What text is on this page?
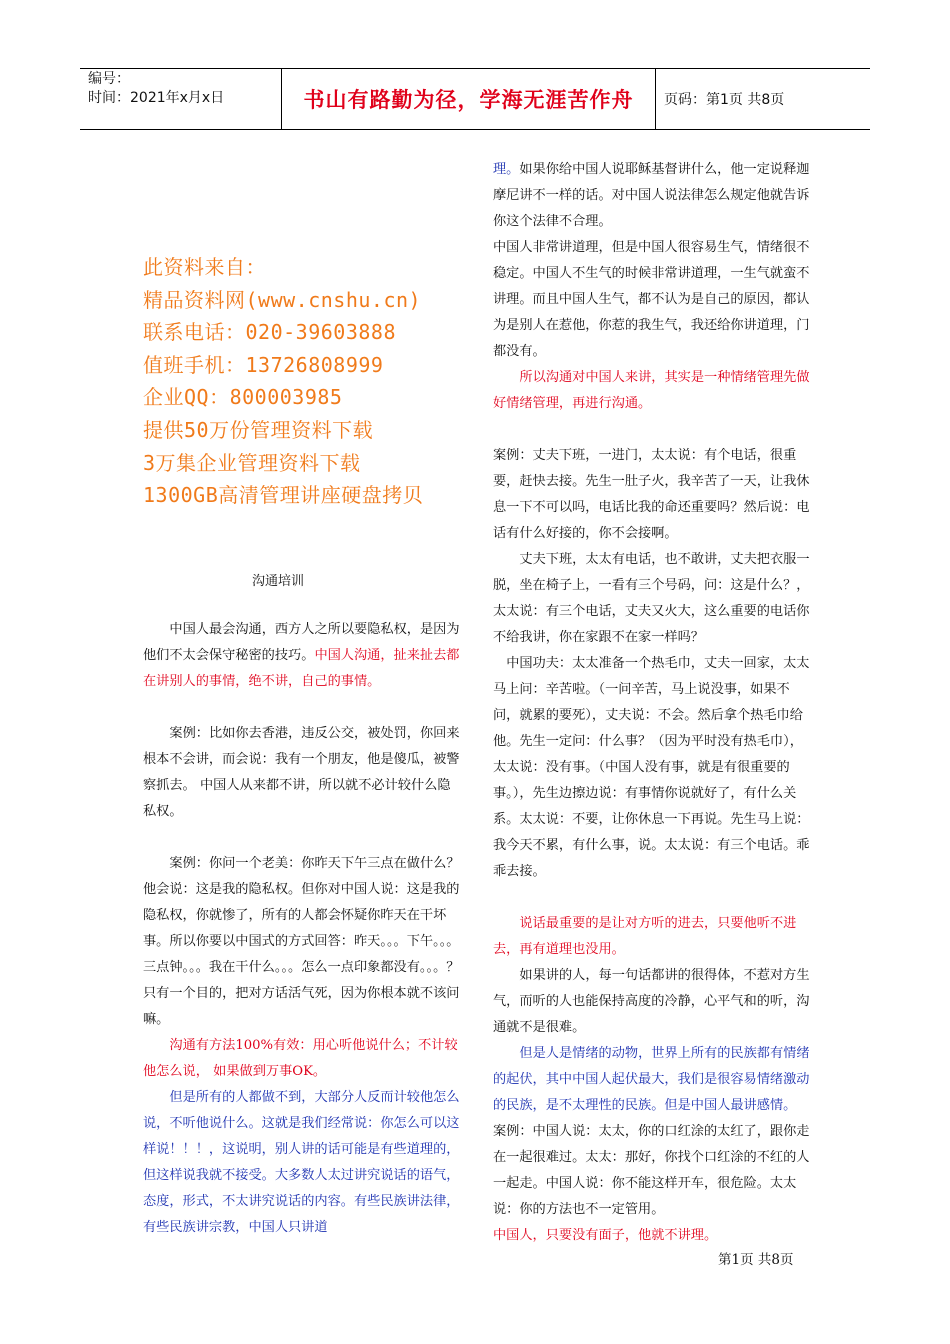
编号：
时间：2021年x月x日	书山有路勤为径，学海无涯苦作舟	页码：第1页 共8页
此资料来自：
精品资料网(www.cnshu.cn)
联系电话：020-39603888
值班手机：13726808999
企业QQ：800003985
提供50万份管理资料下载
3万集企业管理资料下载
1300GB高清管理讲座硬盘拷贝
沟通培训

中国人最会沟通，西方人之所以要隐私权，是因为他们不太会保守秘密的技巧。中国人沟通，扯来扯去都在讲别人的事情，绝不讲，自己的事情。

案例：比如你去香港，违反公交，被处罚，你回来根本不会讲，而会说：我有一个朋友，他是傻瓜，被警察抓去。 中国人从来都不讲，所以就不必计较什么隐私权。

案例：你问一个老美：你昨天下午三点在做什么？他会说：这是我的隐私权。但你对中国人说：这是我的隐私权，你就惨了，所有的人都会怀疑你昨天在干坏事。所以你要以中国式的方式回答：昨天。。。下午。。。三点钟。。。我在干什么。。。怎么一点印象都没有。。。？只有一个目的，把对方话活气死，因为你根本就不该问嘛。

沟通有方法100%有效：用心听他说什么；不计较他怎么说， 如果做到万事OK。

但是所有的人都做不到，大部分人反而计较他怎么说，不听他说什么。这就是我们经常说：你怎么可以这样说！！！，这说明，别人讲的话可能是有些道理的，但这样说我就不接受。大多数人太过讲究说话的语气，态度，形式，不太讲究说话的内容。有些民族讲法律，有些民族讲宗教，中国人只讲道

理。如果你给中国人说耶稣基督讲什么，他一定说释迦摩尼讲不一样的话。对中国人说法律怎么规定他就告诉你这个法律不合理。

中国人非常讲道理，但是中国人很容易生气，情绪很不稳定。中国人不生气的时候非常讲道理，一生气就蛮不讲理。而且中国人生气，都不认为是自己的原因，都认为是别人在惹他，你惹的我生气，我还给你讲道理，门都没有。

所以沟通对中国人来讲，其实是一种情绪管理先做好情绪管理，再进行沟通。

案例：丈夫下班，一进门，太太说：有个电话，很重要，赶快去接。先生一肚子火，我辛苦了一天，让我休息一下不可以吗，电话比我的命还重要吗？然后说：电话有什么好接的，你不会接啊。

丈夫下班，太太有电话，也不敢讲，丈夫把衣服一脱，坐在椅子上，一看有三个号码，问：这是什么？，太太说：有三个电话，丈夫又火大，这么重要的电话你不给我讲，你在家跟不在家一样吗？

中国功夫：太太准备一个热毛巾，丈夫一回家，太太马上问：辛苦啦。（一问辛苦，马上说没事，如果不问，就累的要死），丈夫说：不会。然后拿个热毛巾给他。先生一定问：什么事？（因为平时没有热毛巾），太太说：没有事。（中国人没有事，就是有很重要的事。），先生边擦边说：有事情你说就好了，有什么关系。太太说：不要，让你休息一下再说。先生马上说：我今天不累，有什么事，说。太太说：有三个电话。乖乖去接。

说话最重要的是让对方听的进去，只要他听不进去，再有道理也没用。

如果讲的人，每一句话都讲的很得体，不惹对方生气，而听的人也能保持高度的冷静，心平气和的听，沟通就不是很难。

但是人是情绪的动物，世界上所有的民族都有情绪的起伏，其中中国人起伏最大，我们是很容易情绪激动的民族，是不太理性的民族。但是中国人最讲感情。

案例：中国人说：太太，你的口红涂的太红了，跟你走在一起很难过。太太：那好，你找个口红涂的不红的人一起走。中国人说：你不能这样开车，很危险。太太说：你的方法也不一定管用。

中国人，只要没有面子，他就不讲理。

第1页 共8页
